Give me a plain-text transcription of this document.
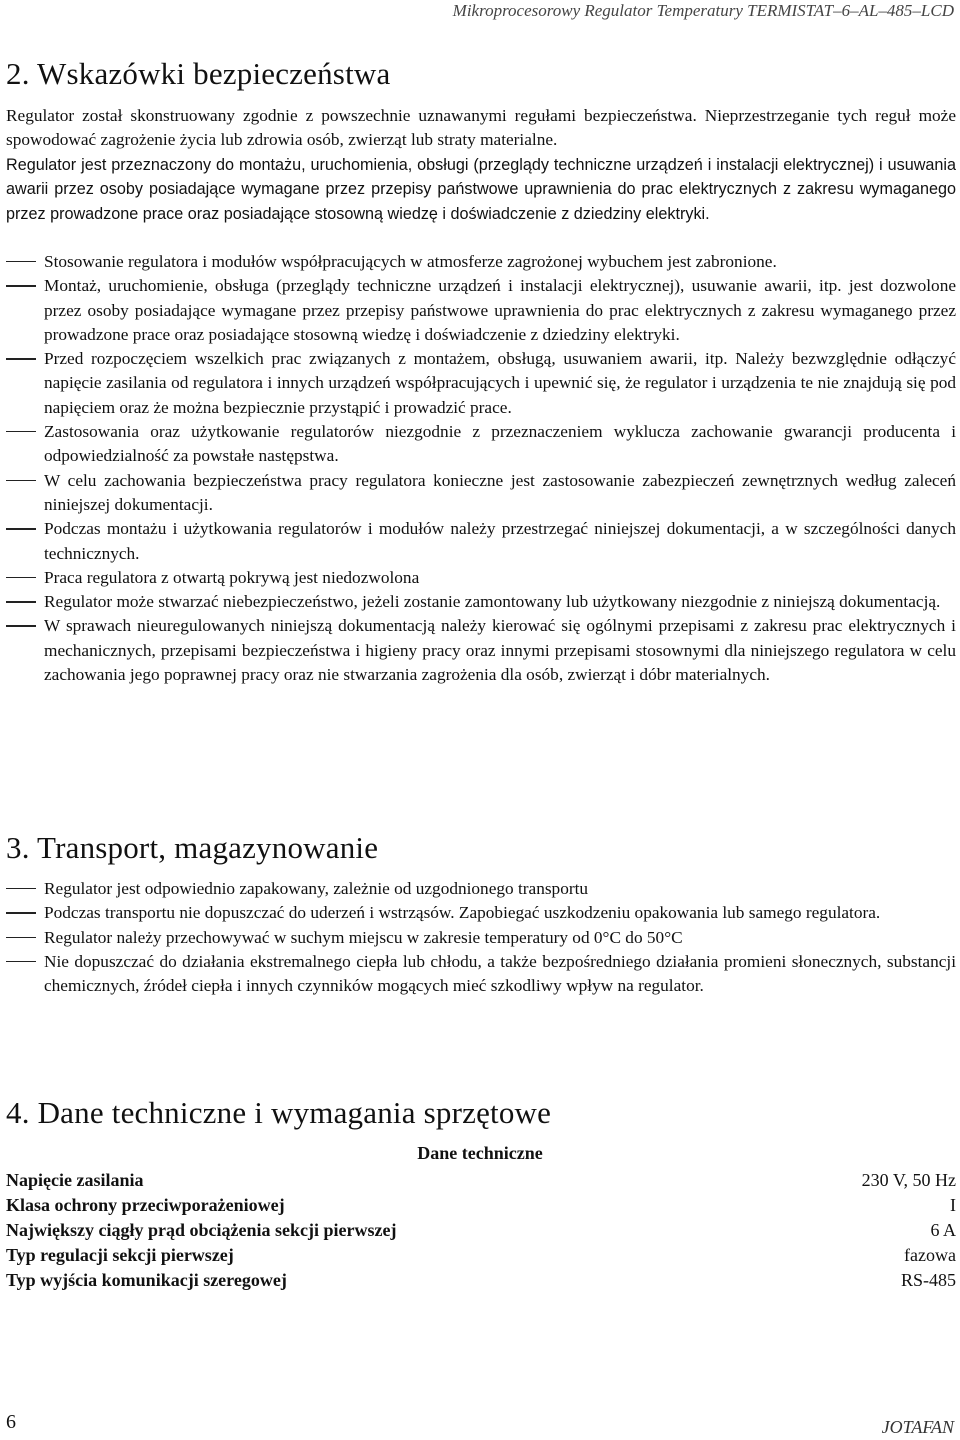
Mikroprocesorowy Regulator Temperatury TERMISTAT–6–AL–485–LCD
2. Wskazówki bezpieczeństwa

Regulator został skonstruowany zgodnie z powszechnie uznawanymi regułami bezpieczeństwa. Nieprzestrzeganie tych reguł może spowodować zagrożenie życia lub zdrowia osób, zwierząt lub straty materialne.

Regulator jest przeznaczony do montażu, uruchomienia, obsługi (przeglądy techniczne urządzeń i instalacji elektrycznej) i usuwania awarii przez osoby posiadające wymagane przez przepisy państwowe uprawnienia do prac elektrycznych z zakresu wymaganego przez prowadzone prace oraz posiadające stosowną wiedzę i doświadczenie z dziedziny elektryki.

Stosowanie regulatora i modułów współpracujących w atmosferze zagrożonej wybuchem jest zabronione.
Montaż, uruchomienie, obsługa (przeglądy techniczne urządzeń i instalacji elektrycznej), usuwanie awarii, itp. jest dozwolone przez osoby posiadające wymagane przez przepisy państwowe uprawnienia do prac elektrycznych z zakresu wymaganego przez prowadzone prace oraz posiadające stosowną wiedzę i doświadczenie z dziedziny elektryki.
Przed rozpoczęciem wszelkich prac związanych z montażem, obsługą, usuwaniem awarii, itp. Należy bezwzględnie odłączyć napięcie zasilania od regulatora i innych urządzeń współpracujących i upewnić się, że regulator i urządzenia te nie znajdują się pod napięciem oraz że można bezpiecznie przystąpić i prowadzić prace.
Zastosowania oraz użytkowanie regulatorów niezgodnie z przeznaczeniem wyklucza zachowanie gwarancji producenta i odpowiedzialność za powstałe następstwa.
W celu zachowania bezpieczeństwa pracy regulatora konieczne jest zastosowanie zabezpieczeń zewnętrznych według zaleceń niniejszej dokumentacji.
Podczas montażu i użytkowania regulatorów i modułów należy przestrzegać niniejszej dokumentacji, a w szczególności danych technicznych.
Praca regulatora z otwartą pokrywą jest niedozwolona
Regulator może stwarzać niebezpieczeństwo, jeżeli zostanie zamontowany lub użytkowany niezgodnie z niniejszą dokumentacją.
W sprawach nieuregulowanych niniejszą dokumentacją należy kierować się ogólnymi przepisami z zakresu prac elektrycznych i mechanicznych, przepisami bezpieczeństwa i higieny pracy oraz innymi przepisami stosownymi dla niniejszego regulatora w celu zachowania jego poprawnej pracy oraz nie stwarzania zagrożenia dla osób, zwierząt i dóbr materialnych.
3. Transport, magazynowanie
Regulator jest odpowiednio zapakowany, zależnie od uzgodnionego transportu
Podczas transportu nie dopuszczać do uderzeń i wstrząsów. Zapobiegać uszkodzeniu opakowania lub samego regulatora.
Regulator należy przechowywać w suchym miejscu w zakresie temperatury od 0°C do 50°C
Nie dopuszczać do działania ekstremalnego ciepła lub chłodu, a także bezpośredniego działania promieni słonecznych, substancji chemicznych, źródeł ciepła i innych czynników mogących mieć szkodliwy wpływ na regulator.
4. Dane techniczne i wymagania sprzętowe
Dane techniczne
Napięcie zasilania	230 V, 50 Hz
Klasa ochrony przeciwporażeniowej	I
Największy ciągły prąd obciążenia sekcji pierwszej	6 A
Typ regulacji sekcji pierwszej	fazowa
Typ wyjścia komunikacji szeregowej	RS-485
6	JOTAFAN
